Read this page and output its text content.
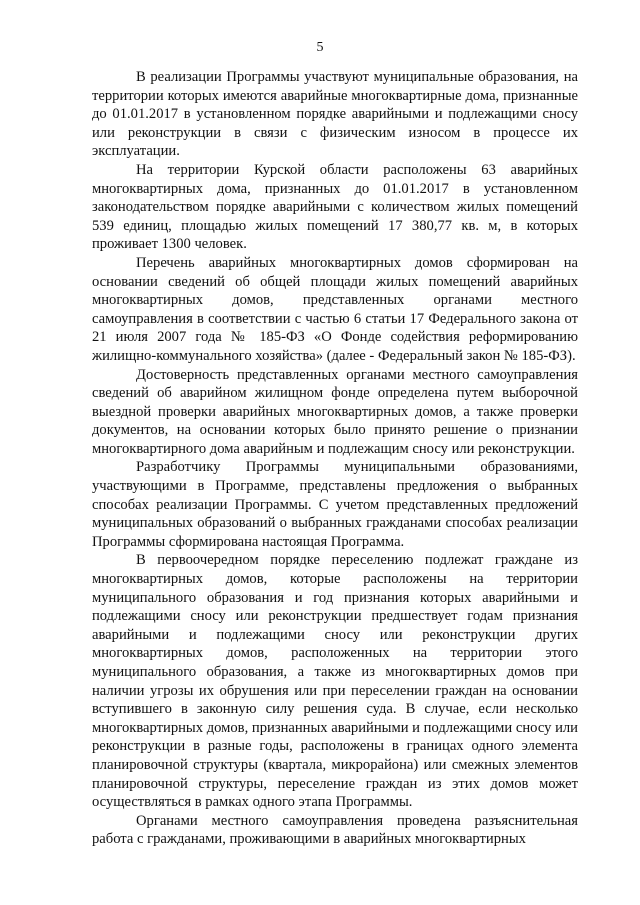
5

В реализации Программы участвуют муниципальные образования, на территории которых имеются аварийные многоквартирные дома, признанные до 01.01.2017 в установленном порядке аварийными и подлежащими сносу или реконструкции в связи с физическим износом в процессе их эксплуатации.

На территории Курской области расположены 63 аварийных многоквартирных дома, признанных до 01.01.2017 в установленном законодательством порядке аварийными с количеством жилых помещений 539 единиц, площадью жилых помещений 17 380,77 кв. м, в которых проживает 1300 человек.

Перечень аварийных многоквартирных домов сформирован на основании сведений об общей площади жилых помещений аварийных многоквартирных домов, представленных органами местного самоуправления в соответствии с частью 6 статьи 17 Федерального закона от 21 июля 2007 года № 185-ФЗ «О Фонде содействия реформированию жилищно-коммунального хозяйства» (далее - Федеральный закон № 185-ФЗ).

Достоверность представленных органами местного самоуправления сведений об аварийном жилищном фонде определена путем выборочной выездной проверки аварийных многоквартирных домов, а также проверки документов, на основании которых было принято решение о признании многоквартирного дома аварийным и подлежащим сносу или реконструкции.

Разработчику Программы муниципальными образованиями, участвующими в Программе, представлены предложения о выбранных способах реализации Программы. С учетом представленных предложений муниципальных образований о выбранных гражданами способах реализации Программы сформирована настоящая Программа.

В первоочередном порядке переселению подлежат граждане из многоквартирных домов, которые расположены на территории муниципального образования и год признания которых аварийными и подлежащими сносу или реконструкции предшествует годам признания аварийными и подлежащими сносу или реконструкции других многоквартирных домов, расположенных на территории этого муниципального образования, а также из многоквартирных домов при наличии угрозы их обрушения или при переселении граждан на основании вступившего в законную силу решения суда. В случае, если несколько многоквартирных домов, признанных аварийными и подлежащими сносу или реконструкции в разные годы, расположены в границах одного элемента планировочной структуры (квартала, микрорайона) или смежных элементов планировочной структуры, переселение граждан из этих домов может осуществляться в рамках одного этапа Программы.

Органами местного самоуправления проведена разъяснительная работа с гражданами, проживающими в аварийных многоквартирных
